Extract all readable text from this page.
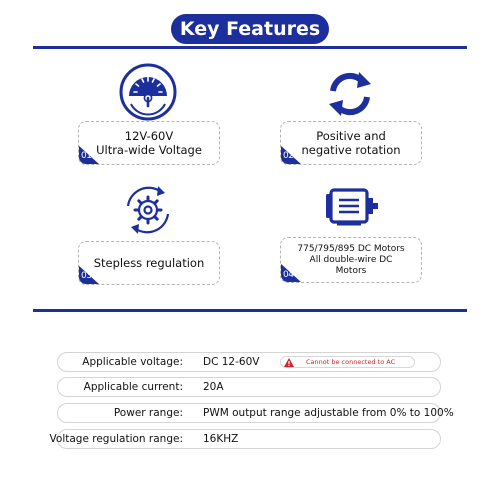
Key Features
01
12V-60V
Ultra-wide Voltage	02
Positive and
negative rotation
03
Stepless regulation
04
775/795/895 DC Motors
All double-wire DC
Motors
Applicable voltage: DC 12-60V	Cannot be connected to AC
Applicable current: 20A
Power range: PWM output range adjustable from 0% to 100%
Voltage regulation range: 16KHZ
